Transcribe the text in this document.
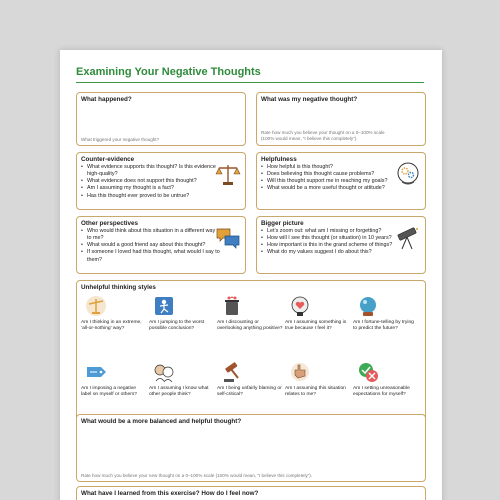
Examining Your Negative Thoughts
What happened?
What triggered your negative thought?
What was my negative thought?
Rate how much you believe your thought on a 0–100% scale
(100% would mean, “I believe this completely”).
Counter-evidence
• What evidence supports this thought? Is this evidence high-quality?
• What evidence does not support this thought?
• Am I assuming my thought is a fact?
• Has this thought ever proved to be untrue?
Helpfulness
• How helpful is this thought?
• Does believing this thought cause problems?
• Will this thought support me in reaching my goals?
• What would be a more useful thought or attitude?
Other perspectives
• Who would think about this situation in a different way to me?
• What would a good friend say about this thought?
• If someone I loved had this thought, what would I say to them?
Bigger picture
• Let’s zoom out: what am I missing or forgetting?
• How will I see this thought (or situation) in 10 years?
• How important is this in the grand scheme of things?
• What do my values suggest I do about this?
Unhelpful thinking styles
Am I thinking in an extreme, ‘all-or-nothing’ way?
Am I jumping to the worst possible conclusion?
Am I discounting or overlooking anything positive?
Am I assuming something is true because I feel it?
Am I fortune-telling by trying to predict the future?
Am I imposing a negative label on myself or others?
Am I assuming I know what other people think?
Am I being unfairly blaming or self-critical?
Am I assuming this situation relates to me?
Am I setting unreasonable expectations for myself?
What would be a more balanced and helpful thought?
Rate how much you believe your new thought on a 0–100% scale (100% would mean, “I believe this completely”).
What have I learned from this exercise? How do I feel now?
